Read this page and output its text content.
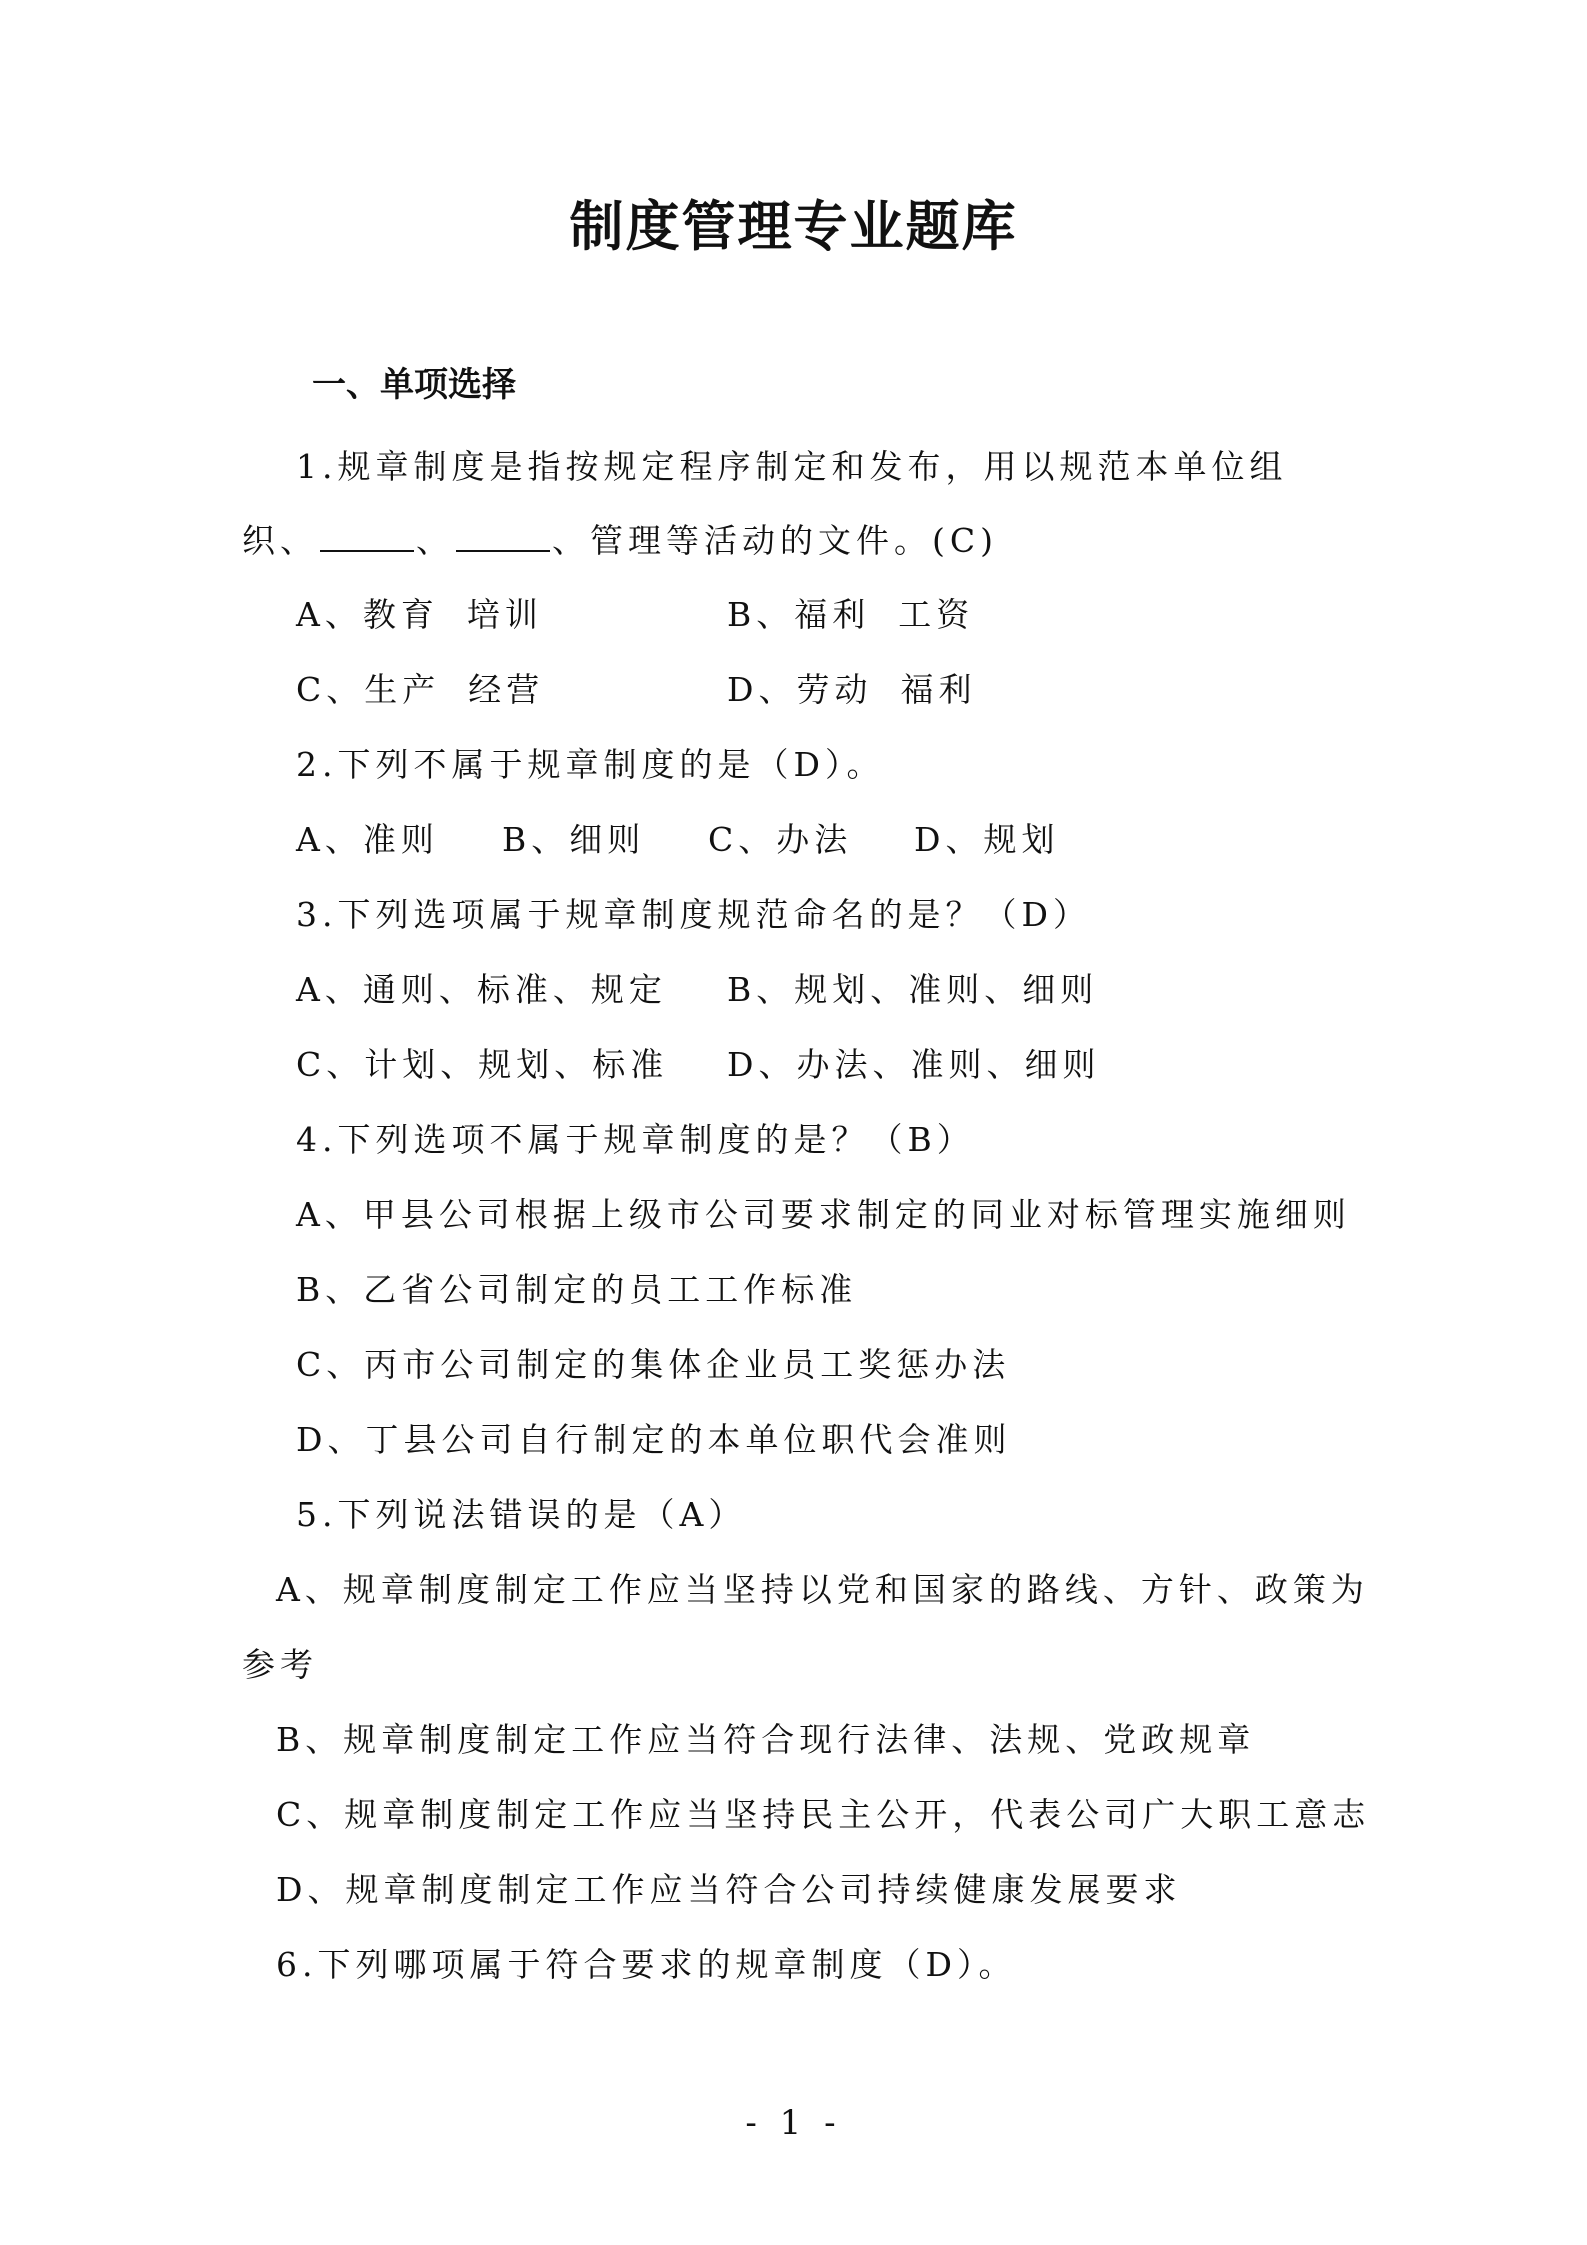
制度管理专业题库
一、单项选择
1.规章制度是指按规定程序制定和发布，用以规范本单位组
织、	、	、管理等活动的文件。(C)
A、教育 培训	B、福利 工资
C、生产 经营	D、劳动 福利
2.下列不属于规章制度的是（D）。
A、准则 B、细则 C、办法 D、规划
3.下列选项属于规章制度规范命名的是？（D）
A、通则、标准、规定 B、规划、准则、细则
C、计划、规划、标准 D、办法、准则、细则
4.下列选项不属于规章制度的是？（B）
A、甲县公司根据上级市公司要求制定的同业对标管理实施细则
B、乙省公司制定的员工工作标准
C、丙市公司制定的集体企业员工奖惩办法
D、丁县公司自行制定的本单位职代会准则
5.下列说法错误的是（A）
A、规章制度制定工作应当坚持以党和国家的路线、方针、政策为
参考
B、规章制度制定工作应当符合现行法律、法规、党政规章
C、规章制度制定工作应当坚持民主公开，代表公司广大职工意志
D、规章制度制定工作应当符合公司持续健康发展要求
6.下列哪项属于符合要求的规章制度（D）。
- 1 -
